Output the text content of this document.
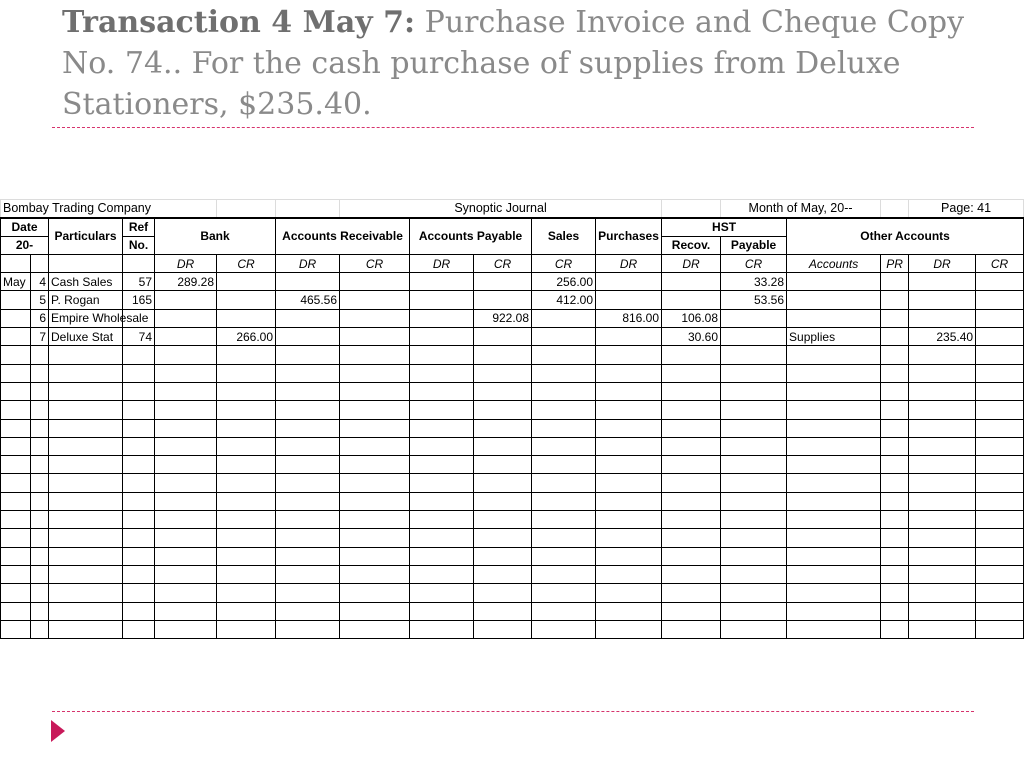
Transaction 4 May 7: Purchase Invoice and Cheque Copy No. 74.. For the cash purchase of supplies from Deluxe Stationers, $235.40.
Bombay Trading Company							Synoptic Journal						Month of May, 20--			Page: 41	
Date		Particulars	Ref	Bank		Accounts Receivable		Accounts Payable		Sales	Purchases	HST		Other Accounts			
20-			No.									Recov.	Payable				
				DR	CR	DR	CR	DR	CR	CR	DR	DR	CR	Accounts	PR	DR	CR
May	4	Cash Sales	57	289.28						256.00			33.28				
	5	P. Rogan	165			465.56				412.00			53.56				
	6	Empire Wholesale							922.08		816.00	106.08					
	7	Deluxe Stat	74		266.00							30.60		Supplies		235.40	
